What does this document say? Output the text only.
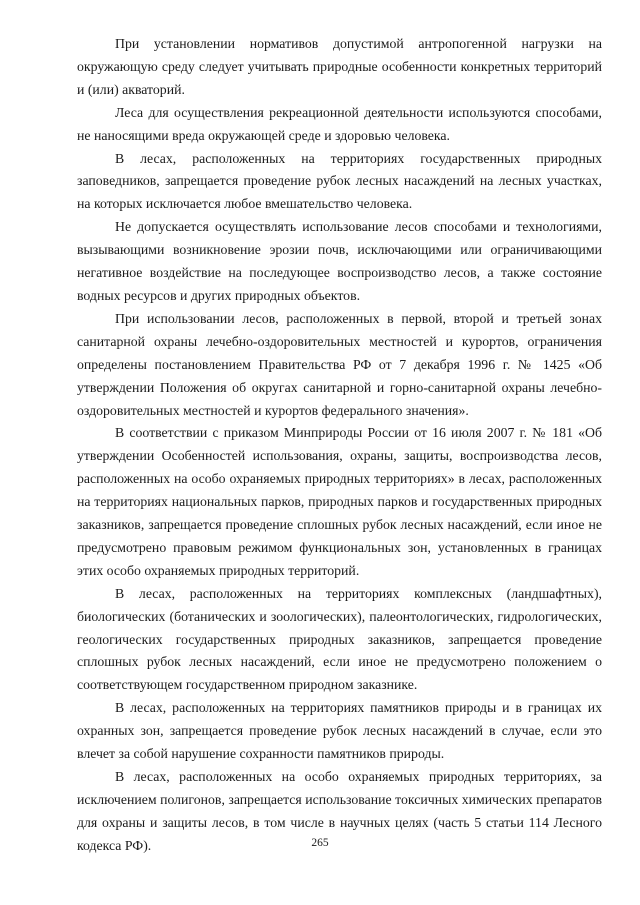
При установлении нормативов допустимой антропогенной нагрузки на окружающую среду следует учитывать природные особенности конкретных территорий и (или) акваторий.

Леса для осуществления рекреационной деятельности используются способами, не наносящими вреда окружающей среде и здоровью человека.

В лесах, расположенных на территориях государственных природных заповедников, запрещается проведение рубок лесных насаждений на лесных участках, на которых исключается любое вмешательство человека.

Не допускается осуществлять использование лесов способами и технологиями, вызывающими возникновение эрозии почв, исключающими или ограничивающими негативное воздействие на последующее воспроизводство лесов, а также состояние водных ресурсов и других природных объектов.

При использовании лесов, расположенных в первой, второй и третьей зонах санитарной охраны лечебно-оздоровительных местностей и курортов, ограничения определены постановлением Правительства РФ от 7 декабря 1996 г. № 1425 «Об утверждении Положения об округах санитарной и горно-санитарной охраны лечебно-оздоровительных местностей и курортов федерального значения».

В соответствии с приказом Минприроды России от 16 июля 2007 г. № 181 «Об утверждении Особенностей использования, охраны, защиты, воспроизводства лесов, расположенных на особо охраняемых природных территориях» в лесах, расположенных на территориях национальных парков, природных парков и государственных природных заказников, запрещается проведение сплошных рубок лесных насаждений, если иное не предусмотрено правовым режимом функциональных зон, установленных в границах этих особо охраняемых природных территорий.

В лесах, расположенных на территориях комплексных (ландшафтных), биологических (ботанических и зоологических), палеонтологических, гидрологических, геологических государственных природных заказников, запрещается проведение сплошных рубок лесных насаждений, если иное не предусмотрено положением о соответствующем государственном природном заказнике.

В лесах, расположенных на территориях памятников природы и в границах их охранных зон, запрещается проведение рубок лесных насаждений в случае, если это влечет за собой нарушение сохранности памятников природы.

В лесах, расположенных на особо охраняемых природных территориях, за исключением полигонов, запрещается использование токсичных химических препаратов для охраны и защиты лесов, в том числе в научных целях (часть 5 статьи 114 Лесного кодекса РФ).	265
